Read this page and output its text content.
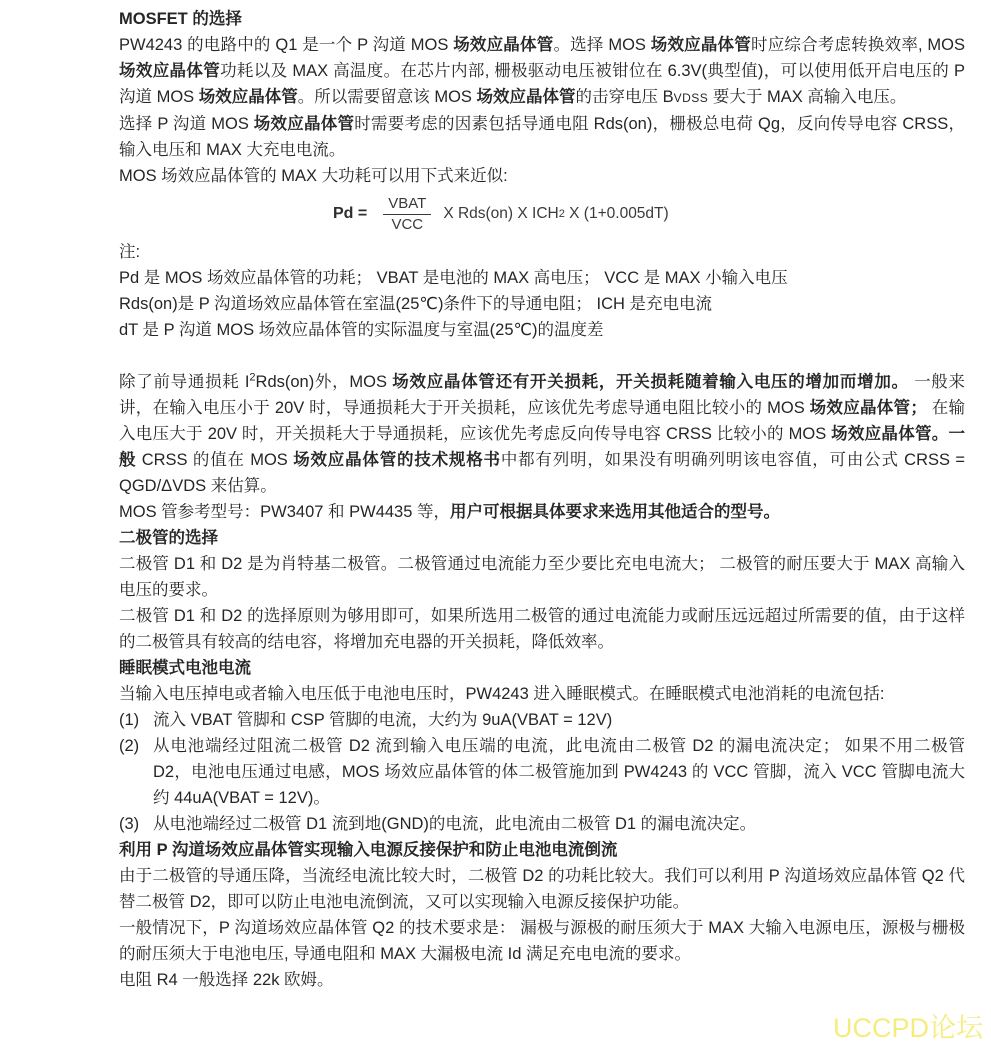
MOSFET 的选择
PW4243 的电路中的 Q1 是一个 P 沟道 MOS 场效应晶体管。选择 MOS 场效应晶体管时应综合考虑转换效率, MOS 场效应晶体管功耗以及 MAX 高温度。在芯片内部, 栅极驱动电压被钳位在 6.3V(典型值)，可以使用低开启电压的 P 沟道 MOS 场效应晶体管。所以需要留意该 MOS 场效应晶体管的击穿电压 BVDSS 要大于 MAX 高输入电压。
选择 P 沟道 MOS 场效应晶体管时需要考虑的因素包括导通电阻 Rds(on)，栅极总电荷 Qg，反向传导电容 CRSS，输入电压和 MAX 大充电电流。
MOS 场效应晶体管的 MAX 大功耗可以用下式来近似:
$Pd = \frac{\text{VBAT}}{\text{VCC}}$ X Rds(on) X ICH 2 X (1+0.005dT)
注:
Pd 是 MOS 场效应晶体管的功耗； VBAT 是电池的 MAX 高电压； VCC 是 MAX 小输入电压
Rds(on)是 P 沟道场效应晶体管在室温(25℃)条件下的导通电阻； ICH 是充电电流
dT 是 P 沟道 MOS 场效应晶体管的实际温度与室温(25℃)的温度差
除了前导通损耗 $I^2Rds(on)$外，MOS 场效应晶体管还有开关损耗，开关损耗随着输入电压的增加而增加。 一般来讲，在输入电压小于 20V 时，导通损耗大于开关损耗，应该优先考虑导通电阻比较小的 MOS 场效应晶体管； 在输入电压大于 20V 时，开关损耗大于导通损耗，应该优先考虑反向传导电容 CRSS 比较小的 MOS 场效应晶体管。一般 CRSS 的值在 MOS 场效应晶体管的技术规格书中都有列明，如果没有明确列明该电容值，可由公式 CRSS = QGD/ΔVDS 来估算。
MOS 管参考型号：PW3407 和 PW4435 等，用户可根据具体要求来选用其他适合的型号。
二极管的选择
二极管 D1 和 D2 是为肖特基二极管。二极管通过电流能力至少要比充电电流大； 二极管的耐压要大于 MAX 高输入电压的要求。
二极管 D1 和 D2 的选择原则为够用即可，如果所选用二极管的通过电流能力或耐压远远超过所需要的值，由于这样的二极管具有较高的结电容，将增加充电器的开关损耗，降低效率。
睡眠模式电池电流
当输入电压掉电或者输入电压低于电池电压时，PW4243 进入睡眠模式。在睡眠模式电池消耗的电流包括:
(1) 流入 VBAT 管脚和 CSP 管脚的电流，大约为 9uA(VBAT = 12V)
(2) 从电池端经过阻流二极管 D2 流到输入电压端的电流，此电流由二极管 D2 的漏电流决定； 如果不用二极管 D2，电池电压通过电感，MOS 场效应晶体管的体二极管施加到 PW4243 的 VCC 管脚，流入 VCC 管脚电流大约 44uA(VBAT = 12V)。
(3) 从电池端经过二极管 D1 流到地(GND)的电流，此电流由二极管 D1 的漏电流决定。
利用 P 沟道场效应晶体管实现输入电源反接保护和防止电池电流倒流
由于二极管的导通压降，当流经电流比较大时，二极管 D2 的功耗比较大。我们可以利用 P 沟道场效应晶体管 Q2 代替二极管 D2，即可以防止电池电流倒流，又可以实现输入电源反接保护功能。
一般情况下，P 沟道场效应晶体管 Q2 的技术要求是： 漏极与源极的耐压须大于 MAX 大输入电源电压，源极与栅极的耐压须大于电池电压, 导通电阻和 MAX 大漏极电流 Id 满足充电电流的要求。
电阻 R4 一般选择 22k 欧姆。
UCCPD论坛
